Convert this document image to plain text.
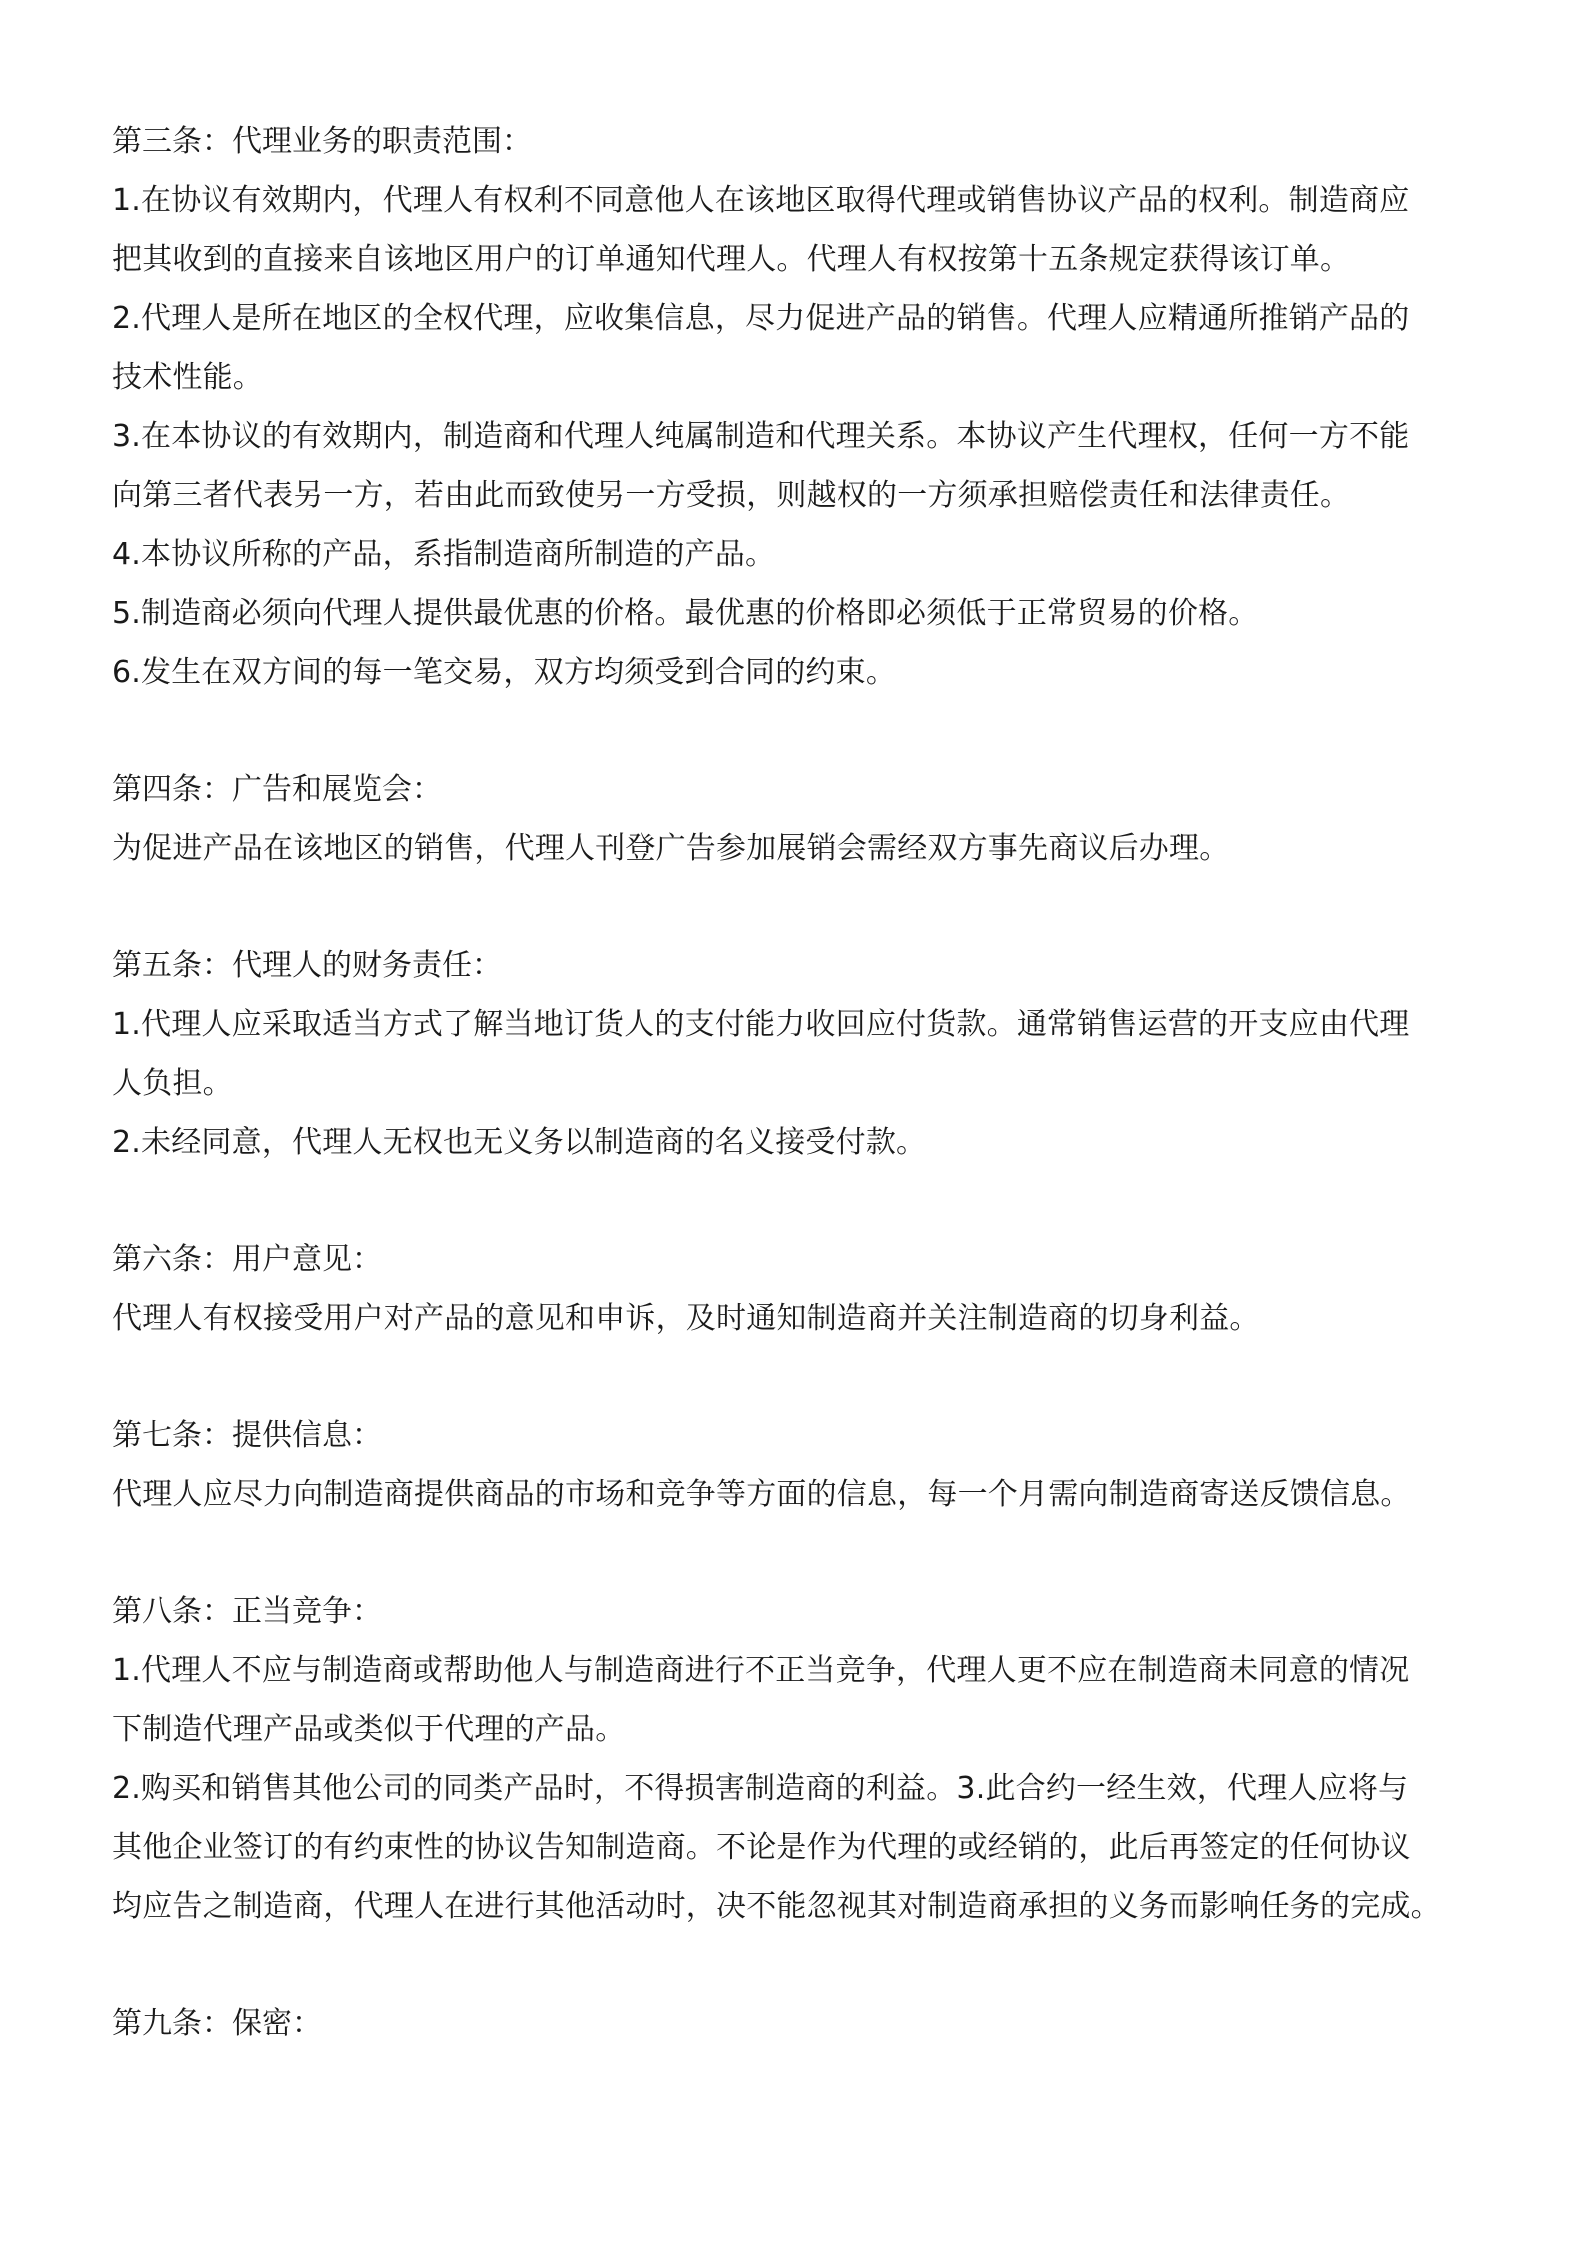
第三条：代理业务的职责范围：

1.在协议有效期内，代理人有权利不同意他人在该地区取得代理或销售协议产品的权利。制造商应

把其收到的直接来自该地区用户的订单通知代理人。代理人有权按第十五条规定获得该订单。

2.代理人是所在地区的全权代理，应收集信息，尽力促进产品的销售。代理人应精通所推销产品的

技术性能。

3.在本协议的有效期内，制造商和代理人纯属制造和代理关系。本协议产生代理权，任何一方不能

向第三者代表另一方，若由此而致使另一方受损，则越权的一方须承担赔偿责任和法律责任。

4.本协议所称的产品，系指制造商所制造的产品。

5.制造商必须向代理人提供最优惠的价格。最优惠的价格即必须低于正常贸易的价格。

6.发生在双方间的每一笔交易，双方均须受到合同的约束。

第四条：广告和展览会：

为促进产品在该地区的销售，代理人刊登广告参加展销会需经双方事先商议后办理。

第五条：代理人的财务责任：

1.代理人应采取适当方式了解当地订货人的支付能力收回应付货款。通常销售运营的开支应由代理

人负担。

2.未经同意，代理人无权也无义务以制造商的名义接受付款。

第六条：用户意见：

代理人有权接受用户对产品的意见和申诉，及时通知制造商并关注制造商的切身利益。

第七条：提供信息：

代理人应尽力向制造商提供商品的市场和竞争等方面的信息，每一个月需向制造商寄送反馈信息。

第八条：正当竞争：

1.代理人不应与制造商或帮助他人与制造商进行不正当竞争，代理人更不应在制造商未同意的情况

下制造代理产品或类似于代理的产品。

2.购买和销售其他公司的同类产品时，不得损害制造商的利益。3.此合约一经生效，代理人应将与

其他企业签订的有约束性的协议告知制造商。不论是作为代理的或经销的，此后再签定的任何协议

均应告之制造商，代理人在进行其他活动时，决不能忽视其对制造商承担的义务而影响任务的完成。

第九条：保密：
